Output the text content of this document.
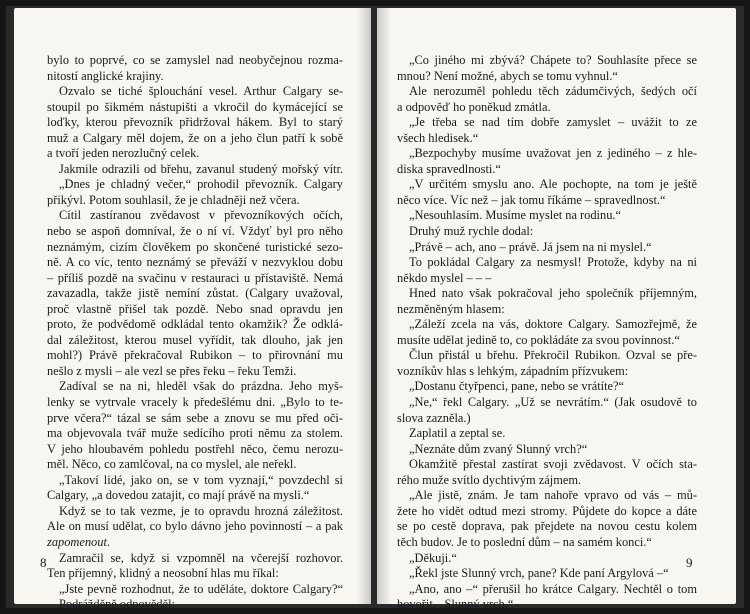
bylo to poprvé, co se zamyslel nad neobyčejnou rozma-
nitostí anglické krajiny.
Ozvalo se tiché šplouchání vesel. Arthur Calgary se-
stoupil po šikmém nástupišti a vkročil do kymácející se
loďky, kterou převozník přidržoval hákem. Byl to starý
muž a Calgary měl dojem, že on a jeho člun patří k sobě
a tvoří jeden nerozlučný celek.
Jakmile odrazili od břehu, zavanul studený mořský vítr.
„Dnes je chladný večer,“ prohodil převozník. Calgary
přikývl. Potom souhlasil, že je chladněji než včera.
Cítil zastíranou zvědavost v převozníkových očích,
nebo se aspoň domníval, že o ní ví. Vždyť byl pro něho
neznámým, cizím člověkem po skončené turistické sezo-
ně. A co víc, tento neznámý se převáží v nezvyklou dobu
– příliš pozdě na svačinu v restauraci u přístaviště. Nemá
zavazadla, takže jistě nemíní zůstat. (Calgary uvažoval,
proč vlastně přišel tak pozdě. Nebo snad opravdu jen
proto, že podvědomě odkládal tento okamžik? Že odklá-
dal záležitost, kterou musel vyřídit, tak dlouho, jak jen
mohl?) Právě překračoval Rubikon – to přirovnání mu
nešlo z mysli – ale vezl se přes řeku – řeku Temži.
Zadíval se na ni, hleděl však do prázdna. Jeho myš-
lenky se vytrvale vracely k předešlému dni. „Bylo to te-
prve včera?“ tázal se sám sebe a znovu se mu před oči-
ma objevovala tvář muže sedícího proti němu za stolem.
V jeho hloubavém pohledu postřehl něco, čemu nerozu-
měl. Něco, co zamlčoval, na co myslel, ale neřekl.
„Takoví lidé, jako on, se v tom vyznají,“ povzdechl si
Calgary, „a dovedou zatajit, co mají právě na mysli.“
Když se to tak vezme, je to opravdu hrozná záležitost.
Ale on musí udělat, co bylo dávno jeho povinností – a pak
zapomenout.
Zamračil se, když si vzpomněl na včerejší rozhovor.
Ten příjemný, klidný a neosobní hlas mu říkal:
„Jste pevně rozhodnut, že to uděláte, doktore Calgary?“
Podrážděně odpověděl:
8
„Co jiného mi zbývá? Chápete to? Souhlasíte přece se
mnou? Není možné, abych se tomu vyhnul.“
Ale nerozuměl pohledu těch zádumčivých, šedých očí
a odpověď ho poněkud zmátla.
„Je třeba se nad tím dobře zamyslet – uvážit to ze
všech hledisek.“
„Bezpochyby musíme uvažovat jen z jediného – z hle-
diska spravedlnosti.“
„V určitém smyslu ano. Ale pochopte, na tom je ještě
něco více. Víc než – jak tomu říkáme – spravedlnost.“
„Nesouhlasím. Musíme myslet na rodinu.“
Druhý muž rychle dodal:
„Právě – ach, ano – právě. Já jsem na ni myslel.“
To pokládal Calgary za nesmysl! Protože, kdyby na ni
někdo myslel – – –
Hned nato však pokračoval jeho společník příjemným,
nezměněným hlasem:
„Záleží zcela na vás, doktore Calgary. Samozřejmě, že
musíte udělat jedině to, co pokládáte za svou povinnost.“
Člun přistál u břehu. Překročil Rubikon. Ozval se pře-
vozníkův hlas s lehkým, západním přízvukem:
„Dostanu čtyřpenci, pane, nebo se vrátíte?“
„Ne,“ řekl Calgary. „Už se nevrátím.“ (Jak osudově to
slova zazněla.)
Zaplatil a zeptal se.
„Neznáte dům zvaný Slunný vrch?“
Okamžitě přestal zastírat svoji zvědavost. V očích sta-
rého muže svítlo dychtivým zájmem.
„Ale jistě, znám. Je tam nahoře vpravo od vás – mů-
žete ho vidět odtud mezi stromy. Půjdete do kopce a dáte
se po cestě doprava, pak přejdete na novou cestu kolem
těch budov. Je to poslední dům – na samém konci.“
„Děkuji.“
„Řekl jste Slunný vrch, pane? Kde paní Argylová –“
„Ano, ano –“ přerušil ho krátce Calgary. Nechtěl o tom
hovořit. „Slunný vrch.“
9
